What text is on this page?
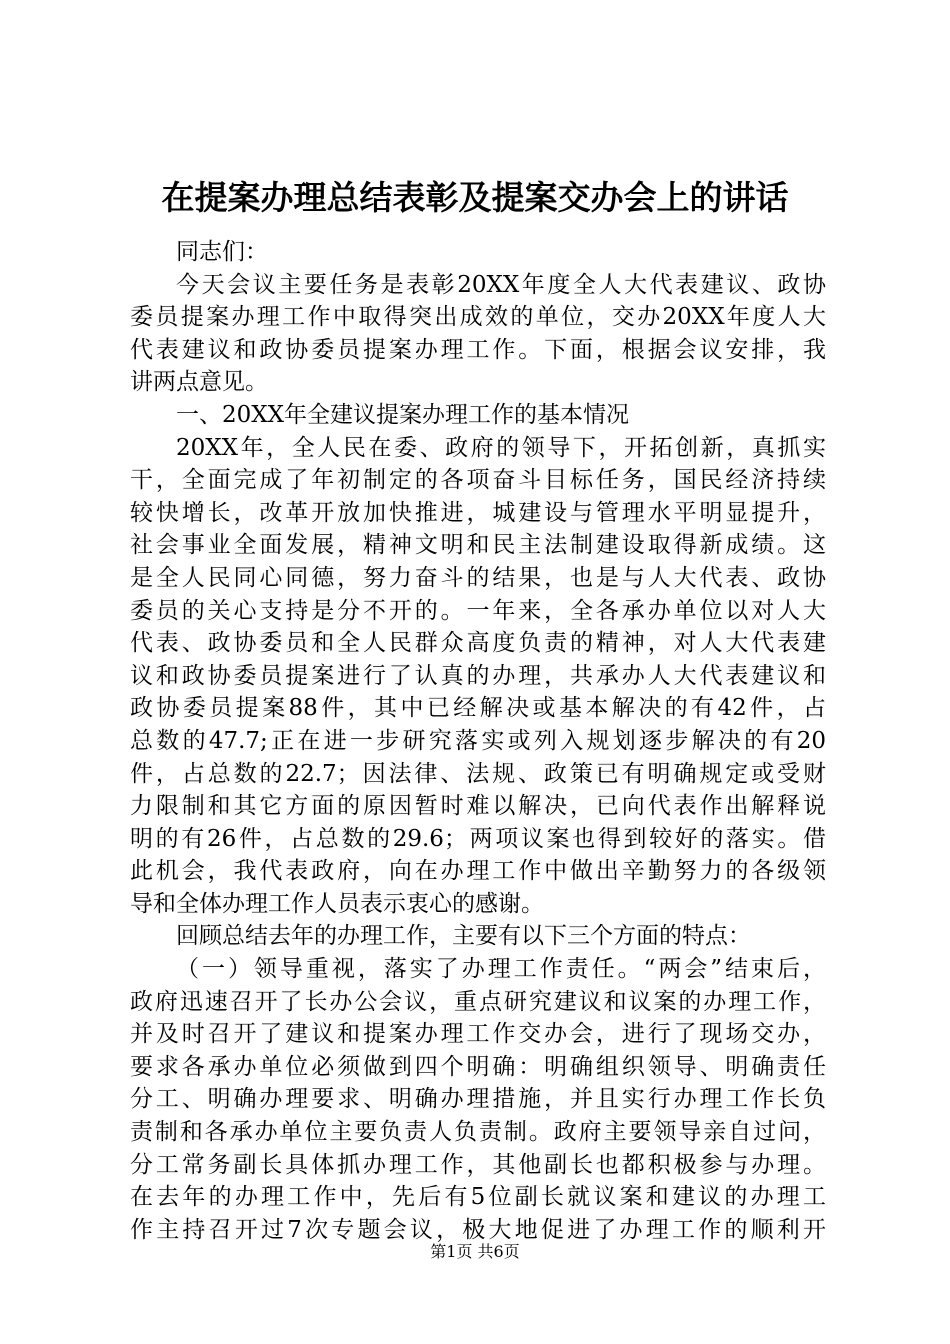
在提案办理总结表彰及提案交办会上的讲话
同志们：
今天会议主要任务是表彰20XX年度全人大代表建议、政协
委员提案办理工作中取得突出成效的单位，交办20XX年度人大
代表建议和政协委员提案办理工作。下面，根据会议安排，我
讲两点意见。
一、20XX年全建议提案办理工作的基本情况
20XX年，全人民在委、政府的领导下，开拓创新，真抓实
干，全面完成了年初制定的各项奋斗目标任务，国民经济持续
较快增长，改革开放加快推进，城建设与管理水平明显提升，
社会事业全面发展，精神文明和民主法制建设取得新成绩。这
是全人民同心同德，努力奋斗的结果，也是与人大代表、政协
委员的关心支持是分不开的。一年来，全各承办单位以对人大
代表、政协委员和全人民群众高度负责的精神，对人大代表建
议和政协委员提案进行了认真的办理，共承办人大代表建议和
政协委员提案88件，其中已经解决或基本解决的有42件，占
总数的47.7;正在进一步研究落实或列入规划逐步解决的有20
件，占总数的22.7；因法律、法规、政策已有明确规定或受财
力限制和其它方面的原因暂时难以解决，已向代表作出解释说
明的有26件，占总数的29.6；两项议案也得到较好的落实。借
此机会，我代表政府，向在办理工作中做出辛勤努力的各级领
导和全体办理工作人员表示衷心的感谢。
回顾总结去年的办理工作，主要有以下三个方面的特点：
（一）领导重视，落实了办理工作责任。“两会”结束后，
政府迅速召开了长办公会议，重点研究建议和议案的办理工作，
并及时召开了建议和提案办理工作交办会，进行了现场交办，
要求各承办单位必须做到四个明确：明确组织领导、明确责任
分工、明确办理要求、明确办理措施，并且实行办理工作长负
责制和各承办单位主要负责人负责制。政府主要领导亲自过问，
分工常务副长具体抓办理工作，其他副长也都积极参与办理。
在去年的办理工作中，先后有5位副长就议案和建议的办理工
作主持召开过7次专题会议，极大地促进了办理工作的顺利开
第1页 共6页
